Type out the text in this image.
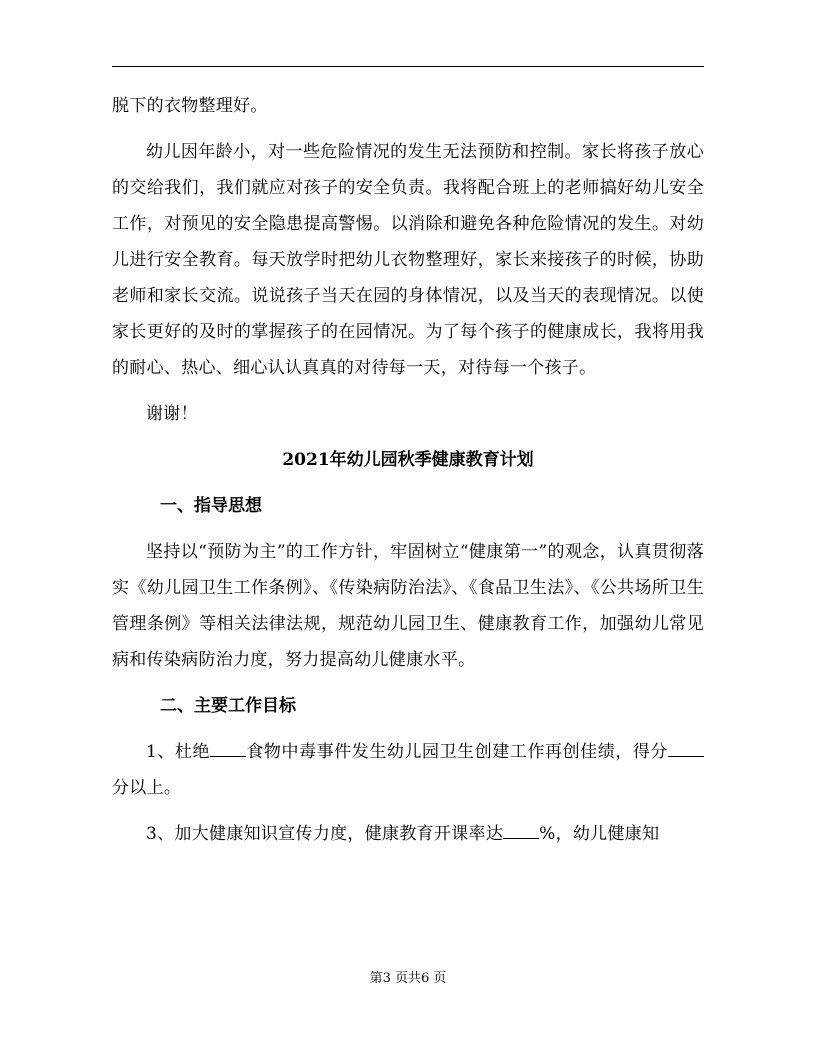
脱下的衣物整理好。

幼儿因年龄小，对一些危险情况的发生无法预防和控制。家长将孩子放心的交给我们，我们就应对孩子的安全负责。我将配合班上的老师搞好幼儿安全工作，对预见的安全隐患提高警惕。以消除和避免各种危险情况的发生。对幼儿进行安全教育。每天放学时把幼儿衣物整理好，家长来接孩子的时候，协助老师和家长交流。说说孩子当天在园的身体情况，以及当天的表现情况。以使家长更好的及时的掌握孩子的在园情况。为了每个孩子的健康成长，我将用我的耐心、热心、细心认认真真的对待每一天，对待每一个孩子。

谢谢！

2021年幼儿园秋季健康教育计划

一、指导思想

坚持以“预防为主”的工作方针，牢固树立“健康第一”的观念，认真贯彻落实《幼儿园卫生工作条例》、《传染病防治法》、《食品卫生法》、《公共场所卫生管理条例》等相关法律法规，规范幼儿园卫生、健康教育工作，加强幼儿常见病和传染病防治力度，努力提高幼儿健康水平。

二、主要工作目标

1、杜绝 食物中毒事件发生幼儿园卫生创建工作再创佳绩，得分分以上。

3、加大健康知识宣传力度，健康教育开课率达 %，幼儿健康知

第3 页共6 页
